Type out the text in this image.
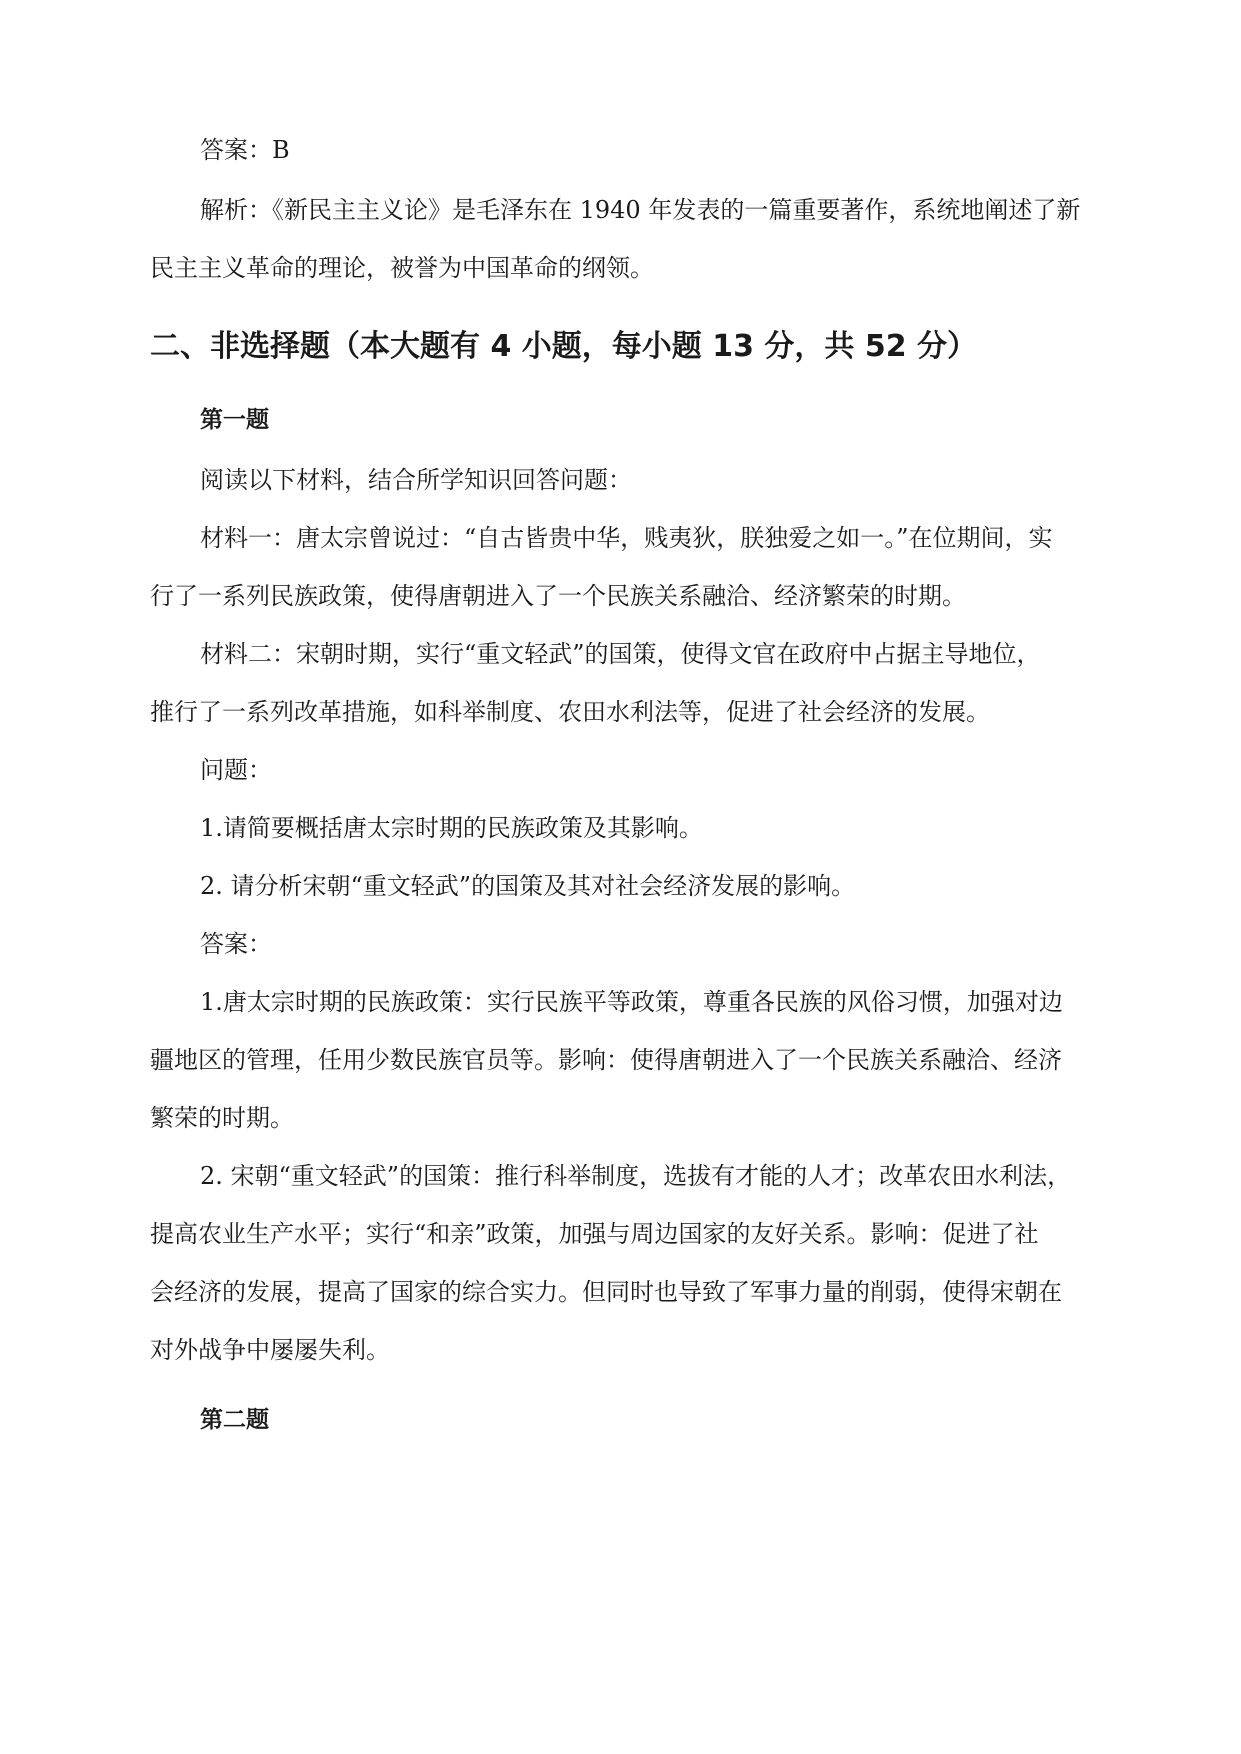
答案：B
解析：《新民主主义论》是毛泽东在 1940 年发表的一篇重要著作，系统地阐述了新
民主主义革命的理论，被誉为中国革命的纲领。
二、非选择题（本大题有 4 小题，每小题 13 分，共 52 分）
第一题
阅读以下材料，结合所学知识回答问题：
材料一：唐太宗曾说过：“自古皆贵中华，贱夷狄，朕独爱之如一。”在位期间，实
行了一系列民族政策，使得唐朝进入了一个民族关系融洽、经济繁荣的时期。
材料二：宋朝时期，实行“重文轻武”的国策，使得文官在政府中占据主导地位，
推行了一系列改革措施，如科举制度、农田水利法等，促进了社会经济的发展。
问题：
1.请简要概括唐太宗时期的民族政策及其影响。
2. 请分析宋朝“重文轻武”的国策及其对社会经济发展的影响。
答案：
1.唐太宗时期的民族政策：实行民族平等政策，尊重各民族的风俗习惯，加强对边
疆地区的管理，任用少数民族官员等。影响：使得唐朝进入了一个民族关系融洽、经济
繁荣的时期。
2. 宋朝“重文轻武”的国策：推行科举制度，选拔有才能的人才；改革农田水利法，
提高农业生产水平；实行“和亲”政策，加强与周边国家的友好关系。影响：促进了社
会经济的发展，提高了国家的综合实力。但同时也导致了军事力量的削弱，使得宋朝在
对外战争中屡屡失利。
第二题
